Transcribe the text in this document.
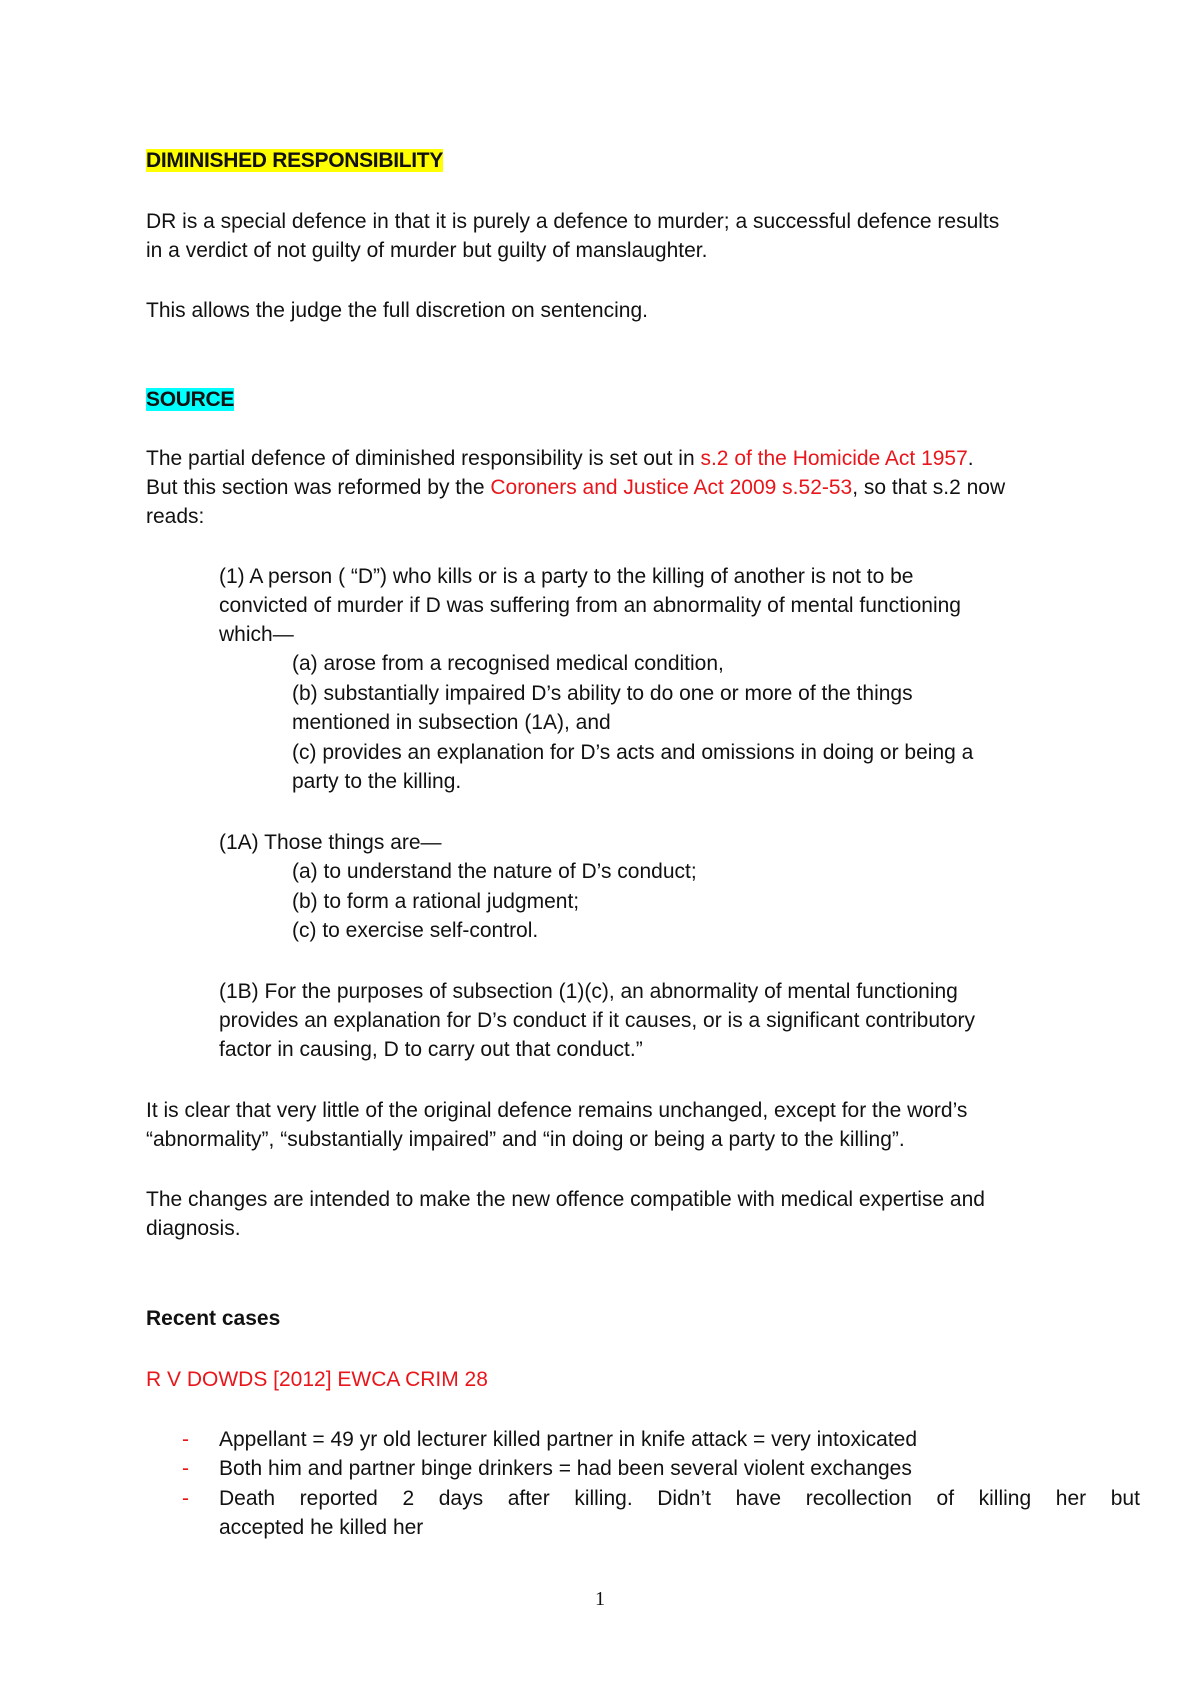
DIMINISHED RESPONSIBILITY
DR is a special defence in that it is purely a defence to murder; a successful defence results
in a verdict of not guilty of murder but guilty of manslaughter.
This allows the judge the full discretion on sentencing.
SOURCE
The partial defence of diminished responsibility is set out in s.2 of the Homicide Act 1957.
But this section was reformed by the Coroners and Justice Act 2009 s.52-53, so that s.2 now
reads:
(1) A person ( “D”) who kills or is a party to the killing of another is not to be
convicted of murder if D was suffering from an abnormality of mental functioning
which—
(a) arose from a recognised medical condition,
(b) substantially impaired D’s ability to do one or more of the things
mentioned in subsection (1A), and
(c) provides an explanation for D’s acts and omissions in doing or being a
party to the killing.
(1A) Those things are—
(a) to understand the nature of D’s conduct;
(b) to form a rational judgment;
(c) to exercise self-control.
(1B) For the purposes of subsection (1)(c), an abnormality of mental functioning
provides an explanation for D’s conduct if it causes, or is a significant contributory
factor in causing, D to carry out that conduct.”
It is clear that very little of the original defence remains unchanged, except for the word’s
“abnormality”, “substantially impaired” and “in doing or being a party to the killing”.
The changes are intended to make the new offence compatible with medical expertise and
diagnosis.
Recent cases
R V DOWDS [2012] EWCA CRIM 28
- Appellant = 49 yr old lecturer killed partner in knife attack = very intoxicated
- Both him and partner binge drinkers = had been several violent exchanges
- Death reported 2 days after killing. Didn’t have recollection of killing her but
accepted he killed her
1
